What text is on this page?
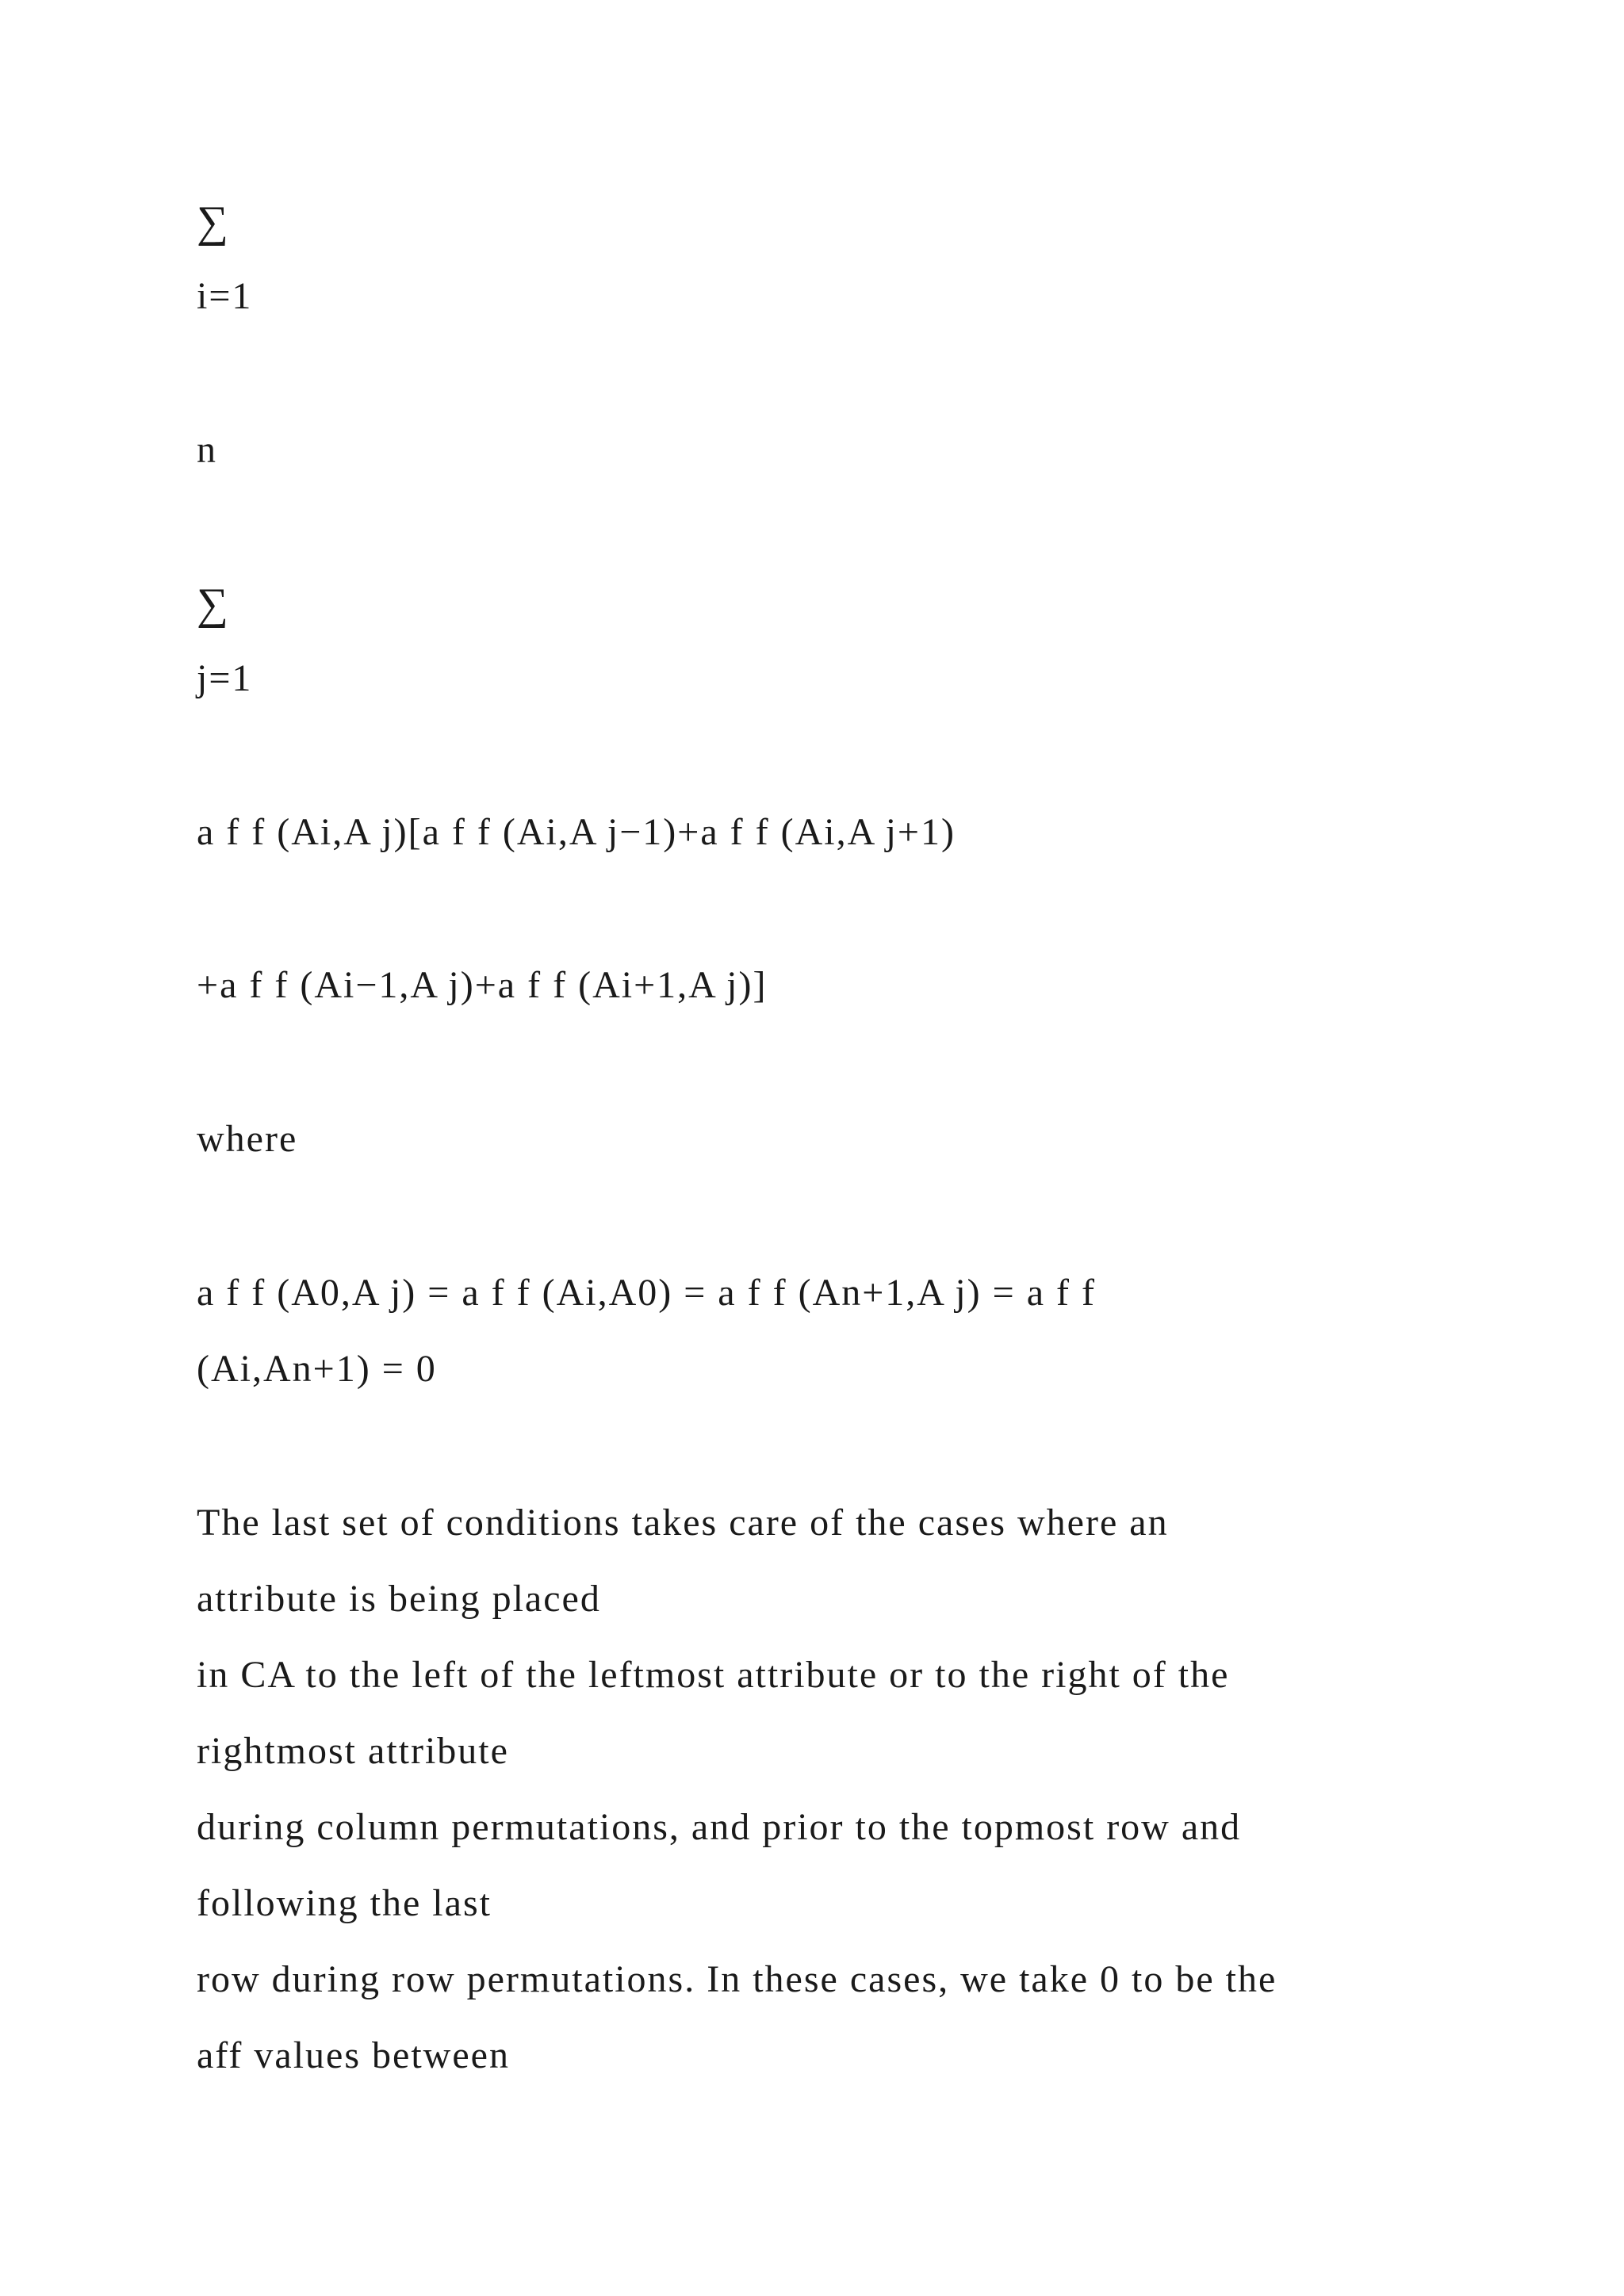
∑
i=1
n
∑
j=1
a f f (Ai,A j)[a f f (Ai,A j−1)+a f f (Ai,A j+1)
+a f f (Ai−1,A j)+a f f (Ai+1,A j)]
where
a f f (A0,A j) = a f f (Ai,A0) = a f f (An+1,A j) = a f f
(Ai,An+1) = 0
The last set of conditions takes care of the cases where an
attribute is being placed
in CA to the left of the leftmost attribute or to the right of the
rightmost attribute
during column permutations, and prior to the topmost row and
following the last
row during row permutations. In these cases, we take 0 to be the
aff values between
